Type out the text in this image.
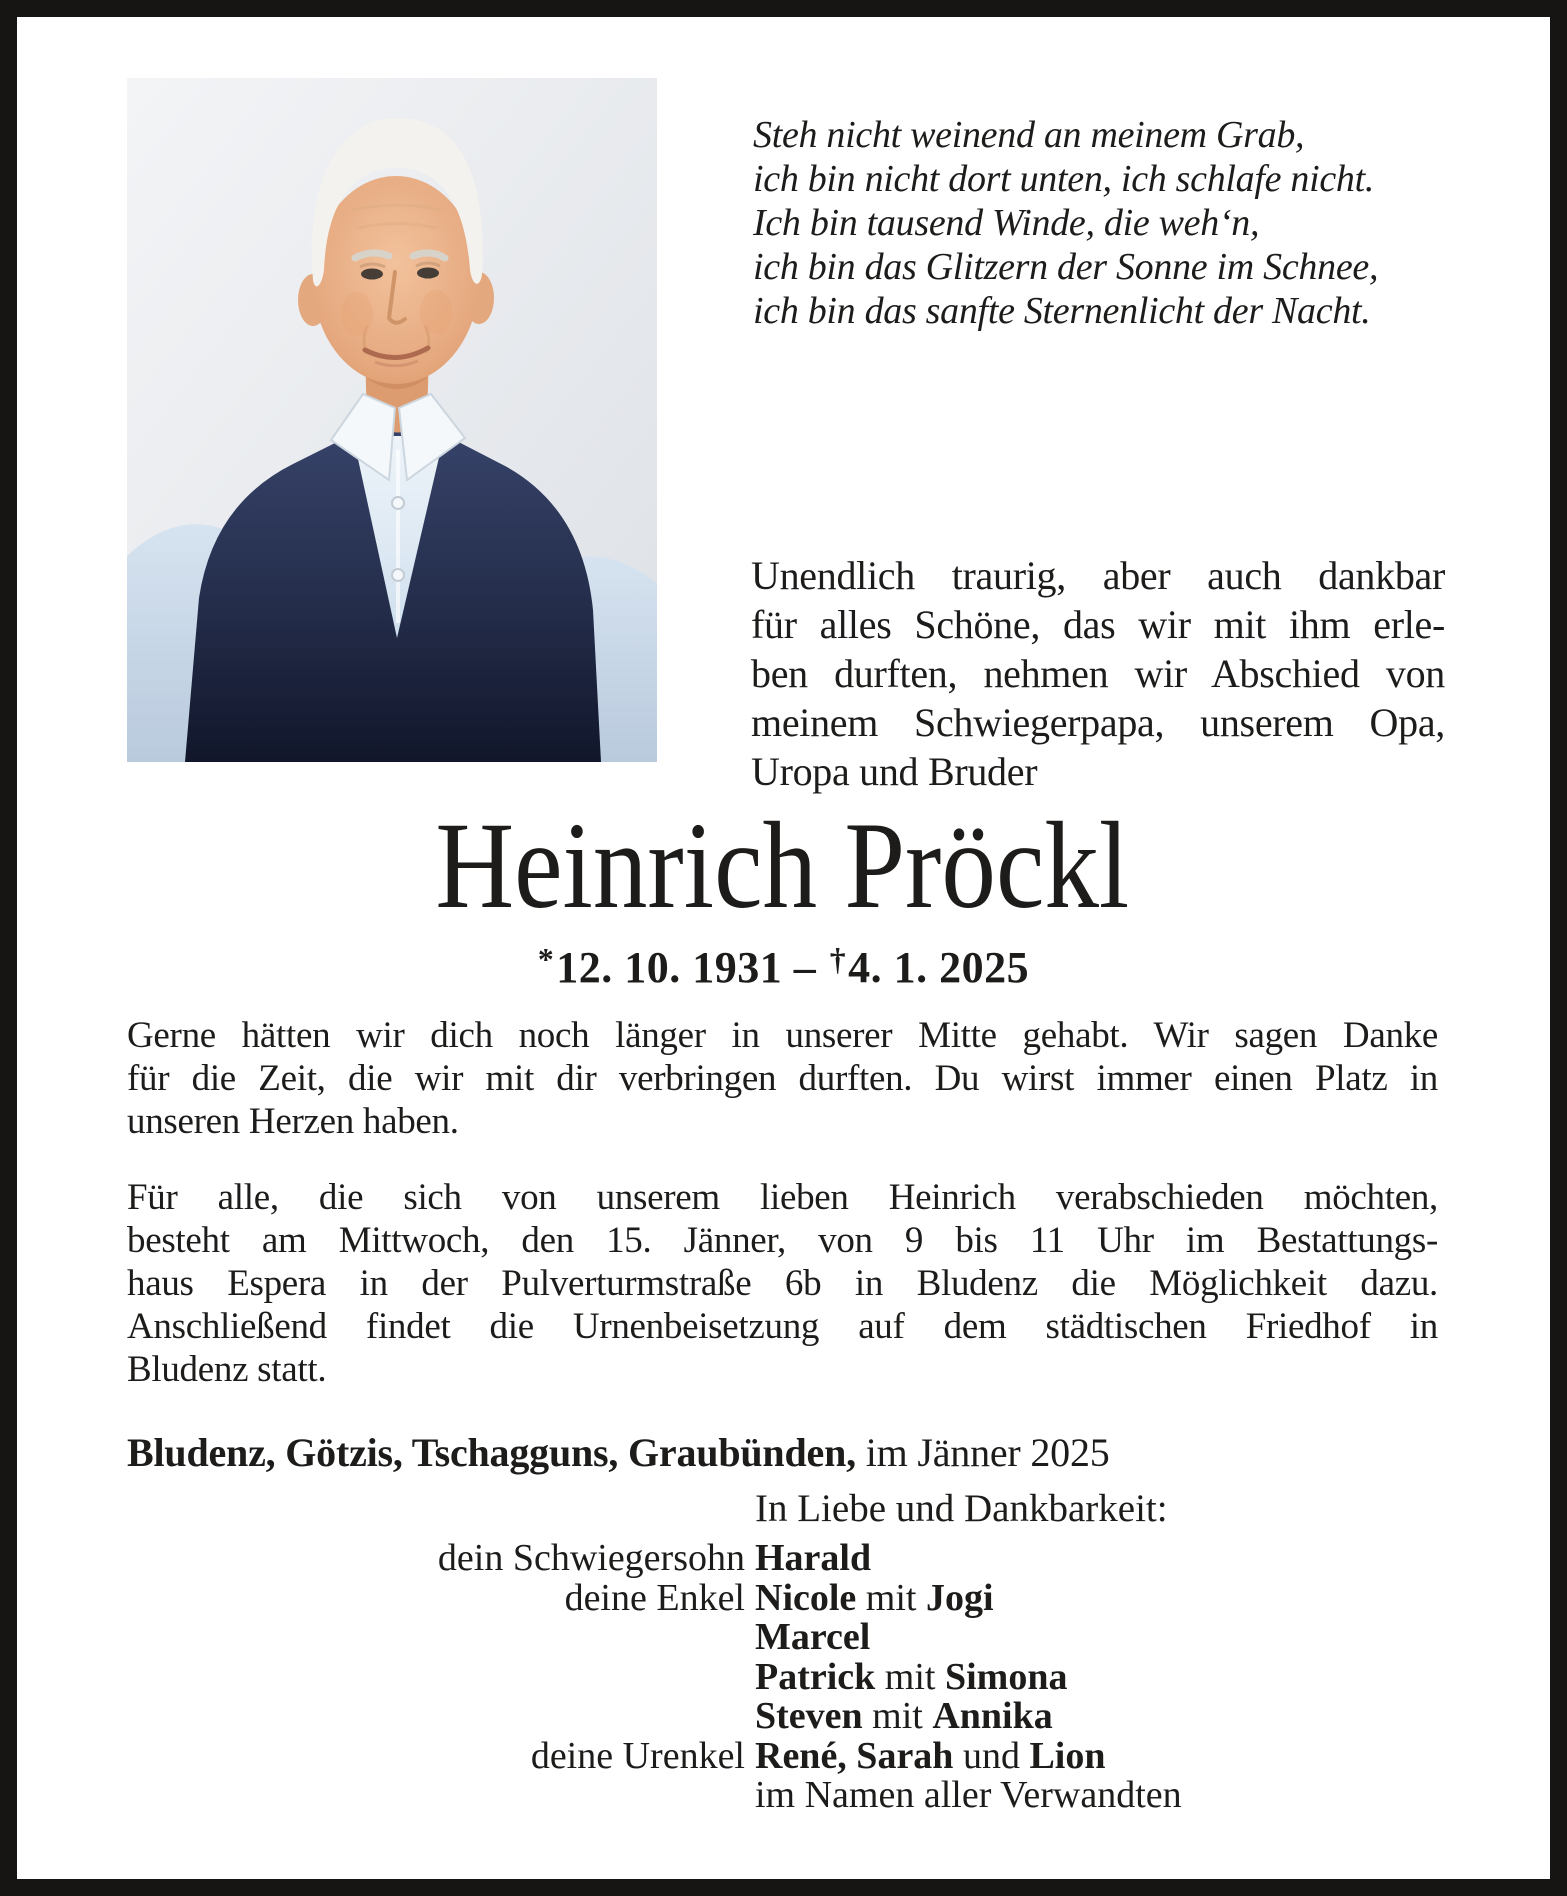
Steh nicht weinend an meinem Grab,
ich bin nicht dort unten, ich schlafe nicht.
Ich bin tausend Winde, die weh‘n,
ich bin das Glitzern der Sonne im Schnee,
ich bin das sanfte Sternenlicht der Nacht.
Unendlich traurig, aber auch dankbar
für alles Schöne, das wir mit ihm erle-
ben durften, nehmen wir Abschied von
meinem Schwiegerpapa, unserem Opa,
Uropa und Bruder
Heinrich Pröckl
*12. 10. 1931 – †4. 1. 2025
Gerne hätten wir dich noch länger in unserer Mitte gehabt. Wir sagen Danke
für die Zeit, die wir mit dir verbringen durften. Du wirst immer einen Platz in
unseren Herzen haben.
Für alle, die sich von unserem lieben Heinrich verabschieden möchten,
besteht am Mittwoch, den 15. Jänner, von 9 bis 11 Uhr im Bestattungs-
haus Espera in der Pulverturmstraße 6b in Bludenz die Möglichkeit dazu.
Anschließend findet die Urnenbeisetzung auf dem städtischen Friedhof in
Bludenz statt.
Bludenz, Götzis, Tschagguns, Graubünden, im Jänner 2025
In Liebe und Dankbarkeit:
dein Schwiegersohn Harald
deine Enkel Nicole mit Jogi
Marcel
Patrick mit Simona
Steven mit Annika
deine Urenkel René, Sarah und Lion
im Namen aller Verwandten
